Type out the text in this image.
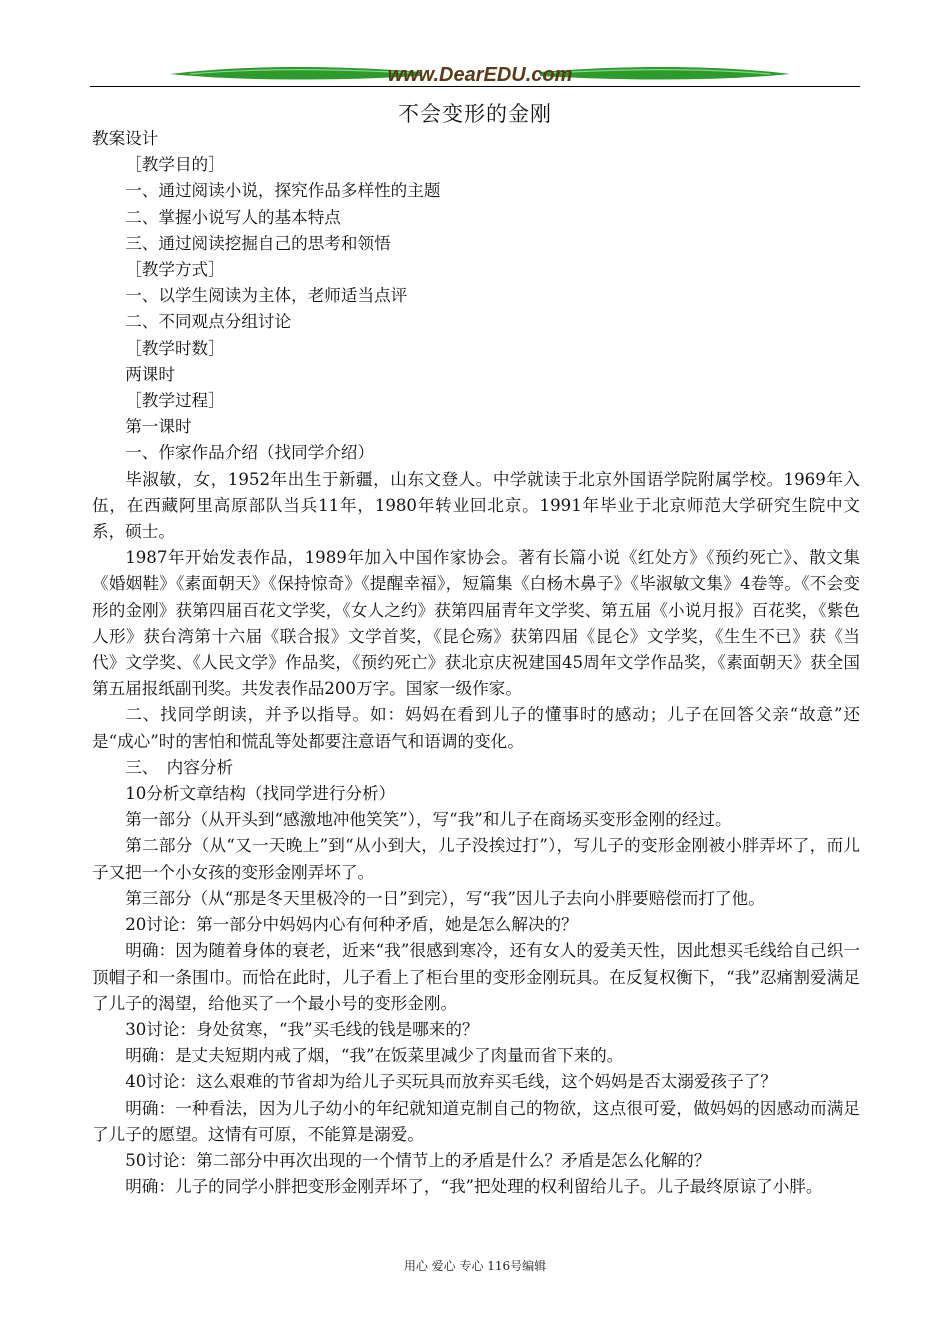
www.DearEDU.com
不会变形的金刚

教案设计

［教学目的］

一、通过阅读小说，探究作品多样性的主题

二、掌握小说写人的基本特点

三、通过阅读挖掘自己的思考和领悟

［教学方式］

一、以学生阅读为主体，老师适当点评

二、不同观点分组讨论

［教学时数］

两课时

［教学过程］

第一课时

一、作家作品介绍（找同学介绍）

毕淑敏，女，1952年出生于新疆，山东文登人。中学就读于北京外国语学院附属学校。1969年入伍，在西藏阿里高原部队当兵11年，1980年转业回北京。1991年毕业于北京师范大学研究生院中文系，硕士。

1987年开始发表作品，1989年加入中国作家协会。著有长篇小说《红处方》《预约死亡》、散文集《婚姻鞋》《素面朝天》《保持惊奇》《提醒幸福》，短篇集《白杨木鼻子》《毕淑敏文集》4卷等。《不会变形的金刚》获第四届百花文学奖，《女人之约》获第四届青年文学奖、第五届《小说月报》百花奖，《紫色人形》获台湾第十六届《联合报》文学首奖，《昆仑殇》获第四届《昆仑》文学奖，《生生不已》获《当代》文学奖、《人民文学》作品奖，《预约死亡》获北京庆祝建国45周年文学作品奖，《素面朝天》获全国第五届报纸副刊奖。共发表作品200万字。国家一级作家。

二、找同学朗读，并予以指导。如：妈妈在看到儿子的懂事时的感动；儿子在回答父亲“故意”还是“成心”时的害怕和慌乱等处都要注意语气和语调的变化。

三、　内容分析

10分析文章结构（找同学进行分析）

第一部分（从开头到“感激地冲他笑笑”），写“我”和儿子在商场买变形金刚的经过。

第二部分（从“又一天晚上”到“从小到大，儿子没挨过打”），写儿子的变形金刚被小胖弄坏了，而儿子又把一个小女孩的变形金刚弄坏了。

第三部分（从“那是冬天里极冷的一日”到完），写“我”因儿子去向小胖要赔偿而打了他。

20讨论：第一部分中妈妈内心有何种矛盾，她是怎么解决的？

明确：因为随着身体的衰老，近来“我”很感到寒冷，还有女人的爱美天性，因此想买毛线给自己织一顶帽子和一条围巾。而恰在此时，儿子看上了柜台里的变形金刚玩具。在反复权衡下，“我”忍痛割爱满足了儿子的渴望，给他买了一个最小号的变形金刚。

30讨论：身处贫寒，“我”买毛线的钱是哪来的？

明确：是丈夫短期内戒了烟，“我”在饭菜里减少了肉量而省下来的。

40讨论：这么艰难的节省却为给儿子买玩具而放弃买毛线，这个妈妈是否太溺爱孩子了？

明确：一种看法，因为儿子幼小的年纪就知道克制自己的物欲，这点很可爱，做妈妈的因感动而满足了儿子的愿望。这情有可原，不能算是溺爱。

50讨论：第二部分中再次出现的一个情节上的矛盾是什么？矛盾是怎么化解的？

明确：儿子的同学小胖把变形金刚弄坏了，“我”把处理的权利留给儿子。儿子最终原谅了小胖。

用心 爱心 专心 116号编辑
